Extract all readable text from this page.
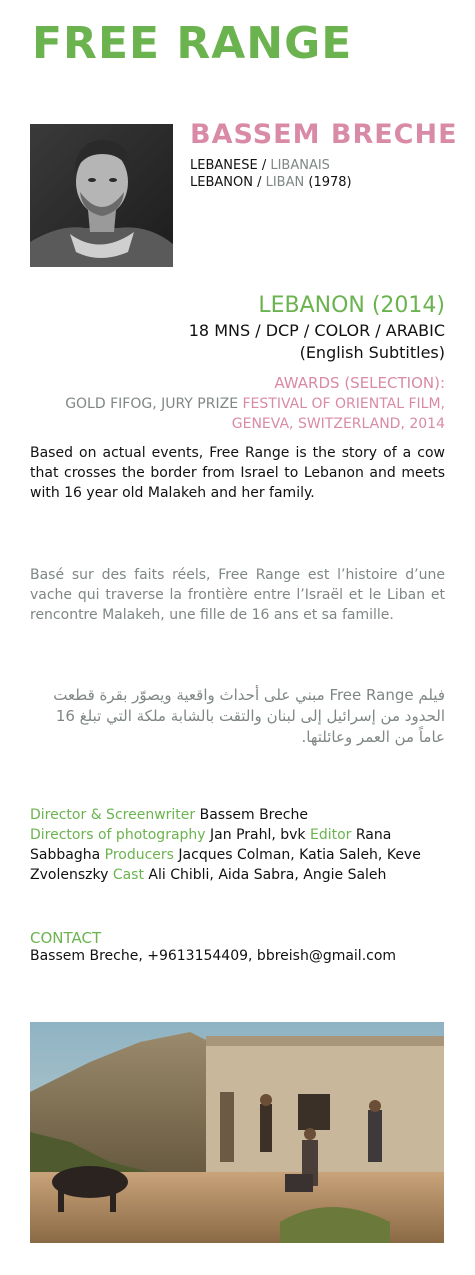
FREE RANGE
BASSEM BRECHE
LEBANESE / LIBANAIS
LEBANON / LIBAN (1978)
LEBANON (2014)
18 MNS / DCP / COLOR / ARABIC
(English Subtitles)
AWARDS (SELECTION):
GOLD FIFOG, JURY PRIZE FESTIVAL OF ORIENTAL FILM,
GENEVA, SWITZERLAND, 2014
Based on actual events, Free Range is the story of a cow that crosses the border from Israel to Lebanon and meets with 16 year old Malakeh and her family.
Basé sur des faits réels, Free Range est l’histoire d’une vache qui traverse la frontière entre l’Israël et le Liban et rencontre Malakeh, une fille de 16 ans et sa famille.
فيلم Free Range مبني على أحداث واقعية ويصوّر بقرة قطعت الحدود من إسرائيل إلى لبنان والتقت بالشابة ملكة التي تبلغ 16 عاماً من العمر وعائلتها.
Director & Screenwriter Bassem Breche
Directors of photography Jan Prahl, bvk Editor Rana Sabbagha Producers Jacques Colman, Katia Saleh, Keve Zvolenszky Cast Ali Chibli, Aida Sabra, Angie Saleh
CONTACT
Bassem Breche, +9613154409, bbreish@gmail.com
